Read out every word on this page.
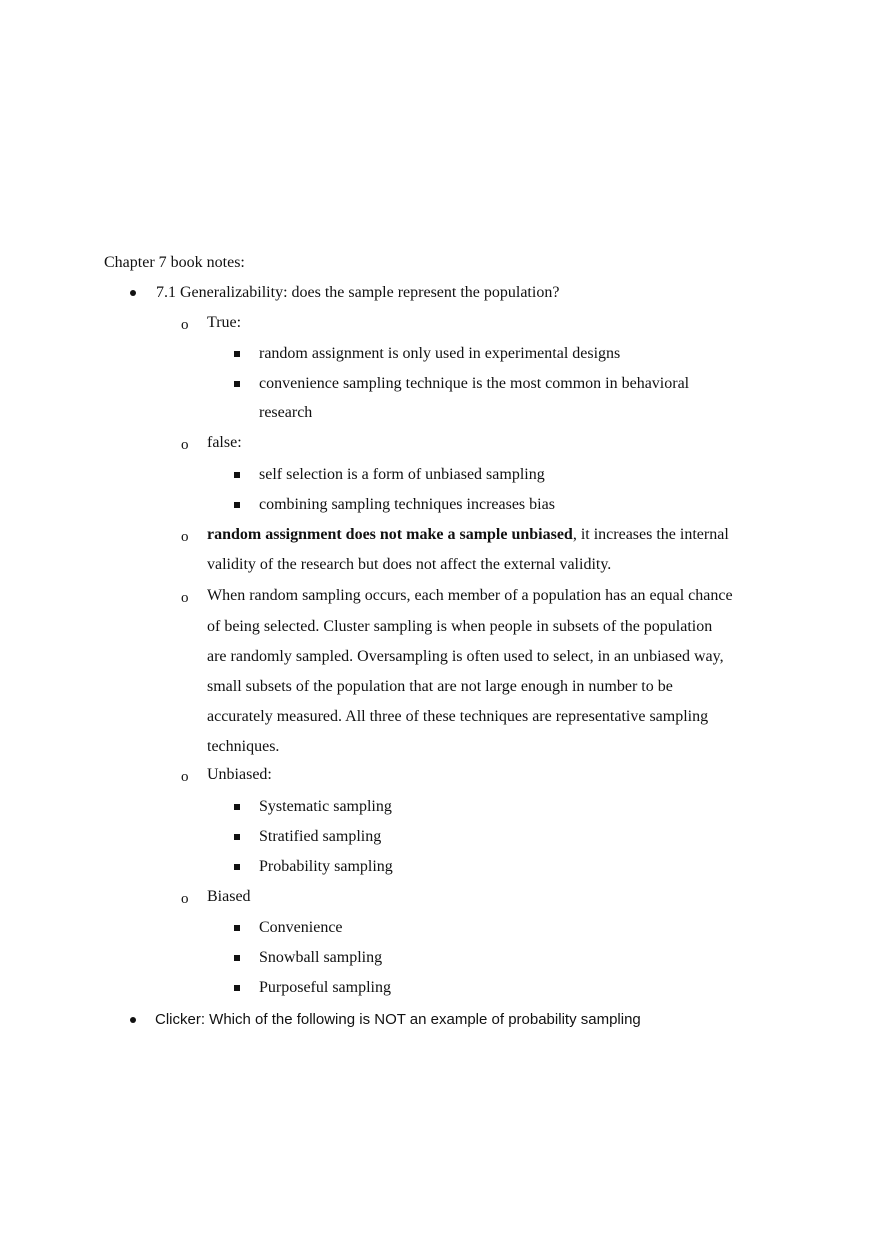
Chapter 7 book notes:
7.1 Generalizability: does the sample represent the population?
o True:
random assignment is only used in experimental designs
convenience sampling technique is the most common in behavioral
research
o false:
self selection is a form of unbiased sampling
combining sampling techniques increases bias
o random assignment does not make a sample unbiased, it increases the internal
validity of the research but does not affect the external validity.
o When random sampling occurs, each member of a population has an equal chance
of being selected. Cluster sampling is when people in subsets of the population
are randomly sampled. Oversampling is often used to select, in an unbiased way,
small subsets of the population that are not large enough in number to be
accurately measured. All three of these techniques are representative sampling
techniques.
o Unbiased:
Systematic sampling
Stratified sampling
Probability sampling
o Biased
Convenience
Snowball sampling
Purposeful sampling
Clicker: Which of the following is NOT an example of probability sampling
